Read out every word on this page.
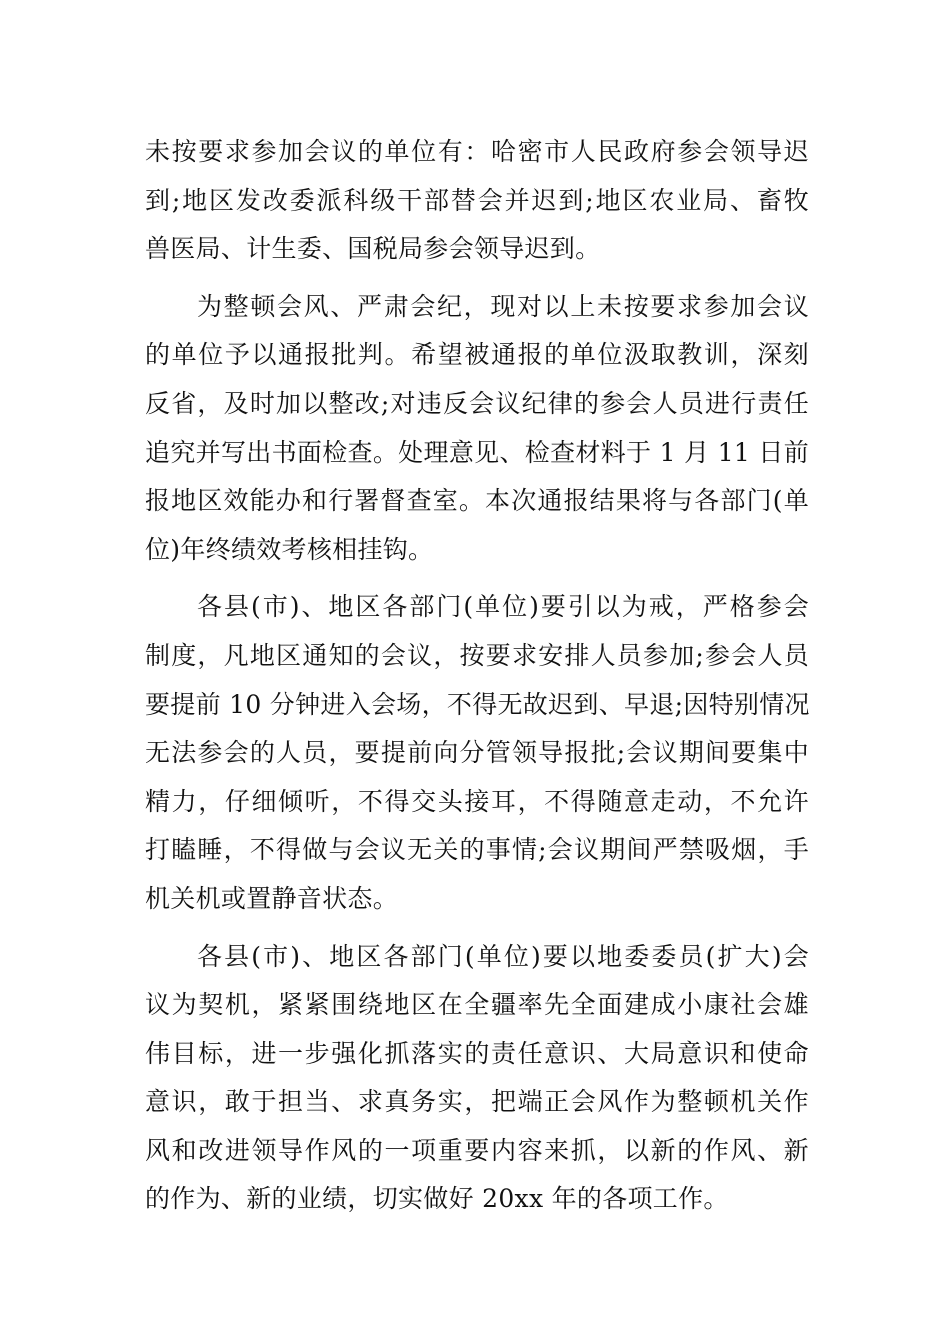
未按要求参加会议的单位有：哈密市人民政府参会领导迟
到;地区发改委派科级干部替会并迟到;地区农业局、畜牧
兽医局、计生委、国税局参会领导迟到。
为整顿会风、严肃会纪，现对以上未按要求参加会议
的单位予以通报批判。希望被通报的单位汲取教训，深刻
反省，及时加以整改;对违反会议纪律的参会人员进行责任
追究并写出书面检查。处理意见、检查材料于 1 月 11 日前
报地区效能办和行署督查室。本次通报结果将与各部门(单
位)年终绩效考核相挂钩。
各县(市)、地区各部门(单位)要引以为戒，严格参会
制度，凡地区通知的会议，按要求安排人员参加;参会人员
要提前 10 分钟进入会场，不得无故迟到、早退;因特别情况
无法参会的人员，要提前向分管领导报批;会议期间要集中
精力，仔细倾听，不得交头接耳，不得随意走动，不允许
打瞌睡，不得做与会议无关的事情;会议期间严禁吸烟，手
机关机或置静音状态。
各县(市)、地区各部门(单位)要以地委委员(扩大)会
议为契机，紧紧围绕地区在全疆率先全面建成小康社会雄
伟目标，进一步强化抓落实的责任意识、大局意识和使命
意识，敢于担当、求真务实，把端正会风作为整顿机关作
风和改进领导作风的一项重要内容来抓，以新的作风、新
的作为、新的业绩，切实做好 20xx 年的各项工作。
